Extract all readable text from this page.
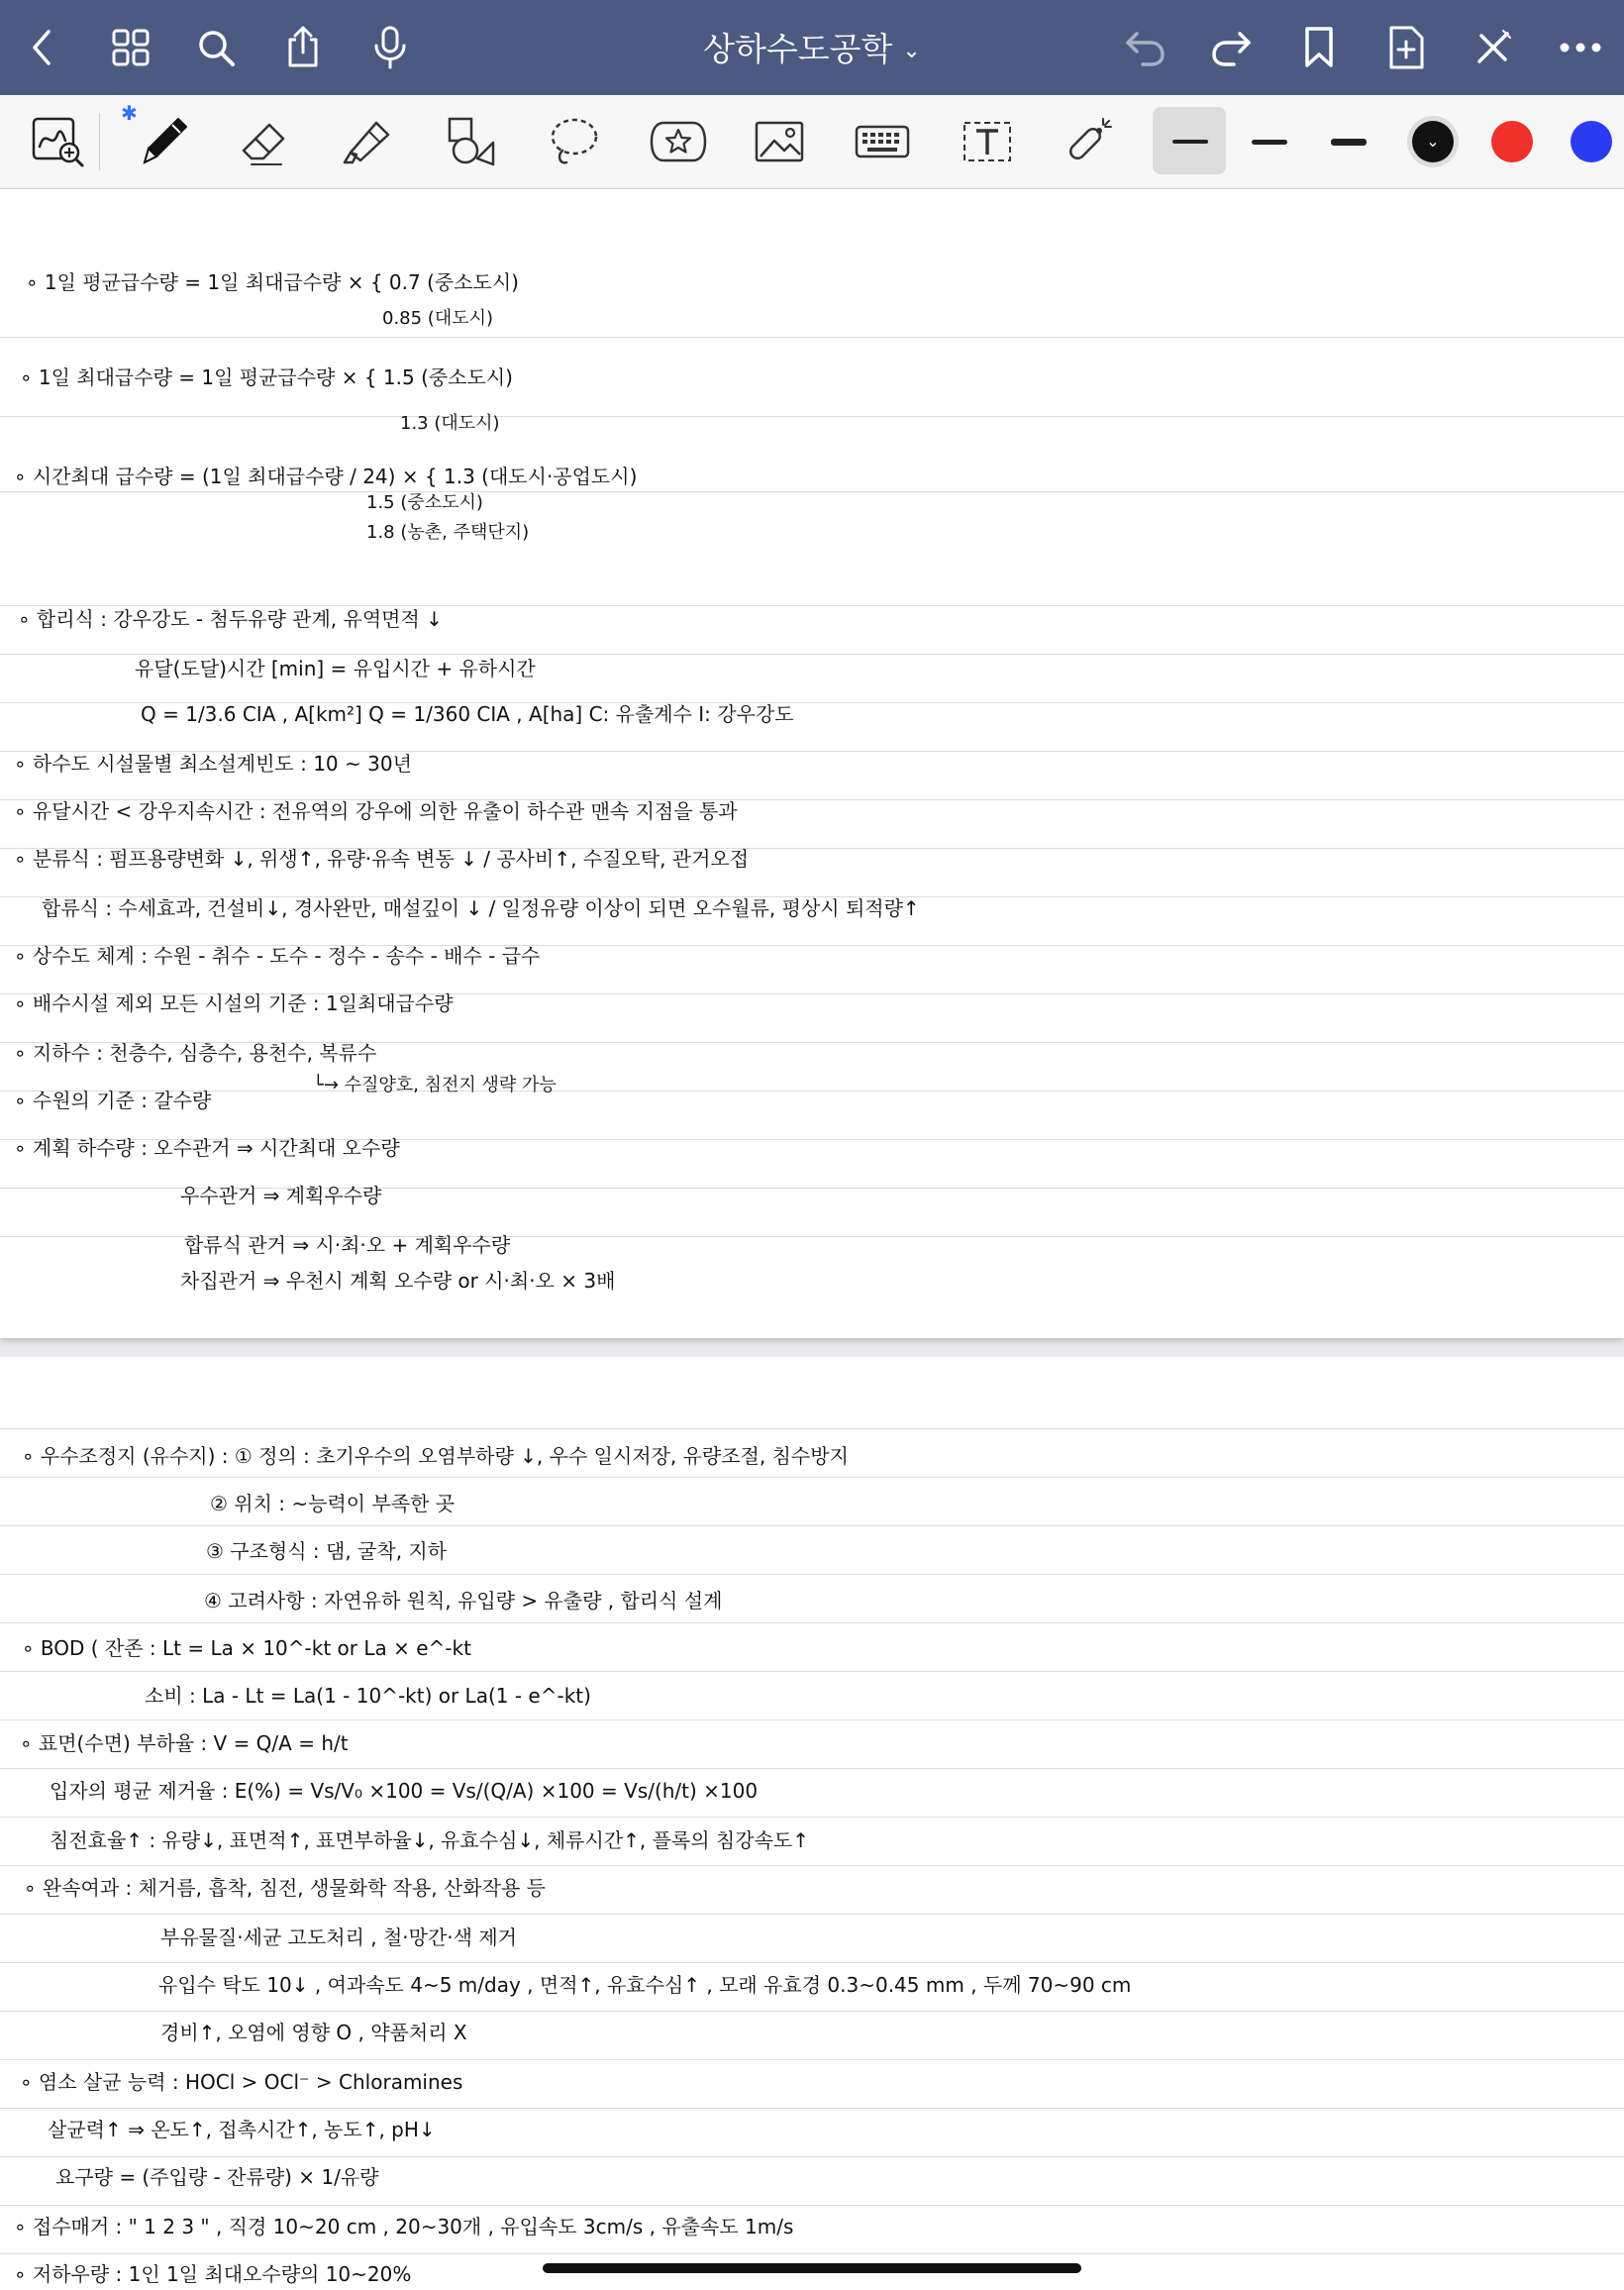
상하수도공학 ⌄
✱
⌄
∘ 1일 평균급수량 = 1일 최대급수량 × { 0.7 (중소도시)
0.85 (대도시)
∘ 1일 최대급수량 = 1일 평균급수량 × { 1.5 (중소도시)
1.3 (대도시)
∘ 시간최대 급수량 = (1일 최대급수량 / 24) × { 1.3 (대도시·공업도시)
1.5 (중소도시)
1.8 (농촌, 주택단지)
∘ 합리식 : 강우강도 - 첨두유량 관계, 유역면적 ↓
유달(도달)시간 [min] = 유입시간 + 유하시간
Q = 1/3.6 CIA , A[km²] Q = 1/360 CIA , A[ha] C: 유출계수 I: 강우강도
∘ 하수도 시설물별 최소설계빈도 : 10 ~ 30년
∘ 유달시간 < 강우지속시간 : 전유역의 강우에 의한 유출이 하수관 맨속 지점을 통과
∘ 분류식 : 펌프용량변화 ↓, 위생↑, 유량·유속 변동 ↓ / 공사비↑, 수질오탁, 관거오접
합류식 : 수세효과, 건설비↓, 경사완만, 매설깊이 ↓ / 일정유량 이상이 되면 오수월류, 평상시 퇴적량↑
∘ 상수도 체계 : 수원 - 취수 - 도수 - 정수 - 송수 - 배수 - 급수
∘ 배수시설 제외 모든 시설의 기준 : 1일최대급수량
∘ 지하수 : 천층수, 심층수, 용천수, 복류수
└→ 수질양호, 침전지 생략 가능
∘ 수원의 기준 : 갈수량
∘ 계획 하수량 : 오수관거 ⇒ 시간최대 오수량
우수관거 ⇒ 계획우수량
합류식 관거 ⇒ 시·최·오 + 계획우수량
차집관거 ⇒ 우천시 계획 오수량 or 시·최·오 × 3배
∘ 우수조정지 (유수지) : ① 정의 : 초기우수의 오염부하량 ↓, 우수 일시저장, 유량조절, 침수방지
② 위치 : ~능력이 부족한 곳
③ 구조형식 : 댐, 굴착, 지하
④ 고려사항 : 자연유하 원칙, 유입량 > 유출량 , 합리식 설계
∘ BOD ( 잔존 : Lt = La × 10^-kt or La × e^-kt
소비 : La - Lt = La(1 - 10^-kt) or La(1 - e^-kt)
∘ 표면(수면) 부하율 : V = Q/A = h/t
입자의 평균 제거율 : E(%) = Vs/V₀ ×100 = Vs/(Q/A) ×100 = Vs/(h/t) ×100
침전효율↑ : 유량↓, 표면적↑, 표면부하율↓, 유효수심↓, 체류시간↑, 플록의 침강속도↑
∘ 완속여과 : 체거름, 흡착, 침전, 생물화학 작용, 산화작용 등
부유물질·세균 고도처리 , 철·망간·색 제거
유입수 탁도 10↓ , 여과속도 4~5 m/day , 면적↑, 유효수심↑ , 모래 유효경 0.3~0.45 mm , 두께 70~90 cm
경비↑, 오염에 영향 O , 약품처리 X
∘ 염소 살균 능력 : HOCl > OCl⁻ > Chloramines
살균력↑ ⇒ 온도↑, 접촉시간↑, 농도↑, pH↓
요구량 = (주입량 - 잔류량) × 1/유량
∘ 접수매거 : " 1 2 3 " , 직경 10~20 cm , 20~30개 , 유입속도 3cm/s , 유출속도 1m/s
∘ 저하우량 : 1인 1일 최대오수량의 10~20%
